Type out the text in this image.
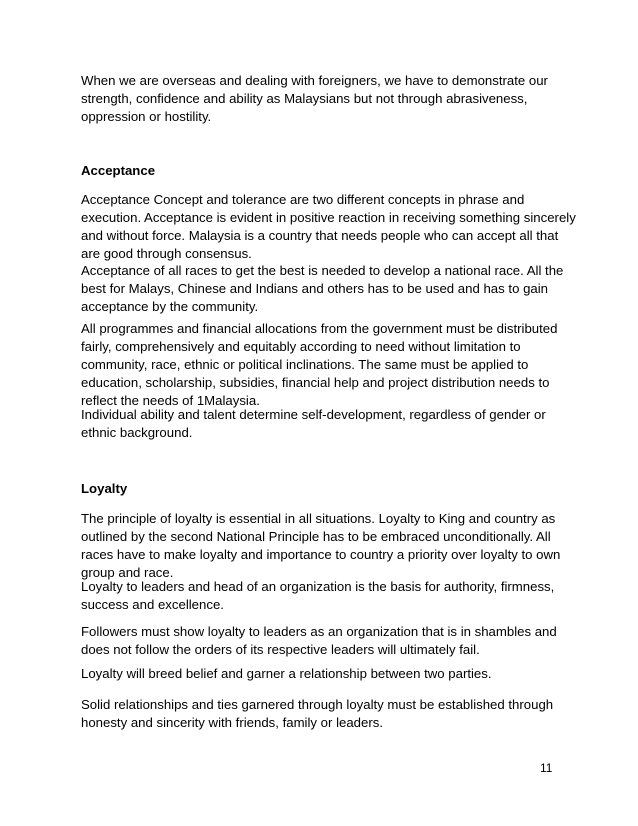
When we are overseas and dealing with foreigners, we have to demonstrate our
strength, confidence and ability as Malaysians but not through abrasiveness,
oppression or hostility.

Acceptance

Acceptance Concept and tolerance are two different concepts in phrase and
execution. Acceptance is evident in positive reaction in receiving something sincerely
and without force. Malaysia is a country that needs people who can accept all that
are good through consensus.

Acceptance of all races to get the best is needed to develop a national race. All the
best for Malays, Chinese and Indians and others has to be used and has to gain
acceptance by the community.

All programmes and financial allocations from the government must be distributed
fairly, comprehensively and equitably according to need without limitation to
community, race, ethnic or political inclinations. The same must be applied to
education, scholarship, subsidies, financial help and project distribution needs to
reflect the needs of 1Malaysia.

Individual ability and talent determine self-development, regardless of gender or
ethnic background.

Loyalty

The principle of loyalty is essential in all situations. Loyalty to King and country as
outlined by the second National Principle has to be embraced unconditionally. All
races have to make loyalty and importance to country a priority over loyalty to own
group and race.

Loyalty to leaders and head of an organization is the basis for authority, firmness,
success and excellence.

Followers must show loyalty to leaders as an organization that is in shambles and
does not follow the orders of its respective leaders will ultimately fail.

Loyalty will breed belief and garner a relationship between two parties.

Solid relationships and ties garnered through loyalty must be established through
honesty and sincerity with friends, family or leaders.

11
